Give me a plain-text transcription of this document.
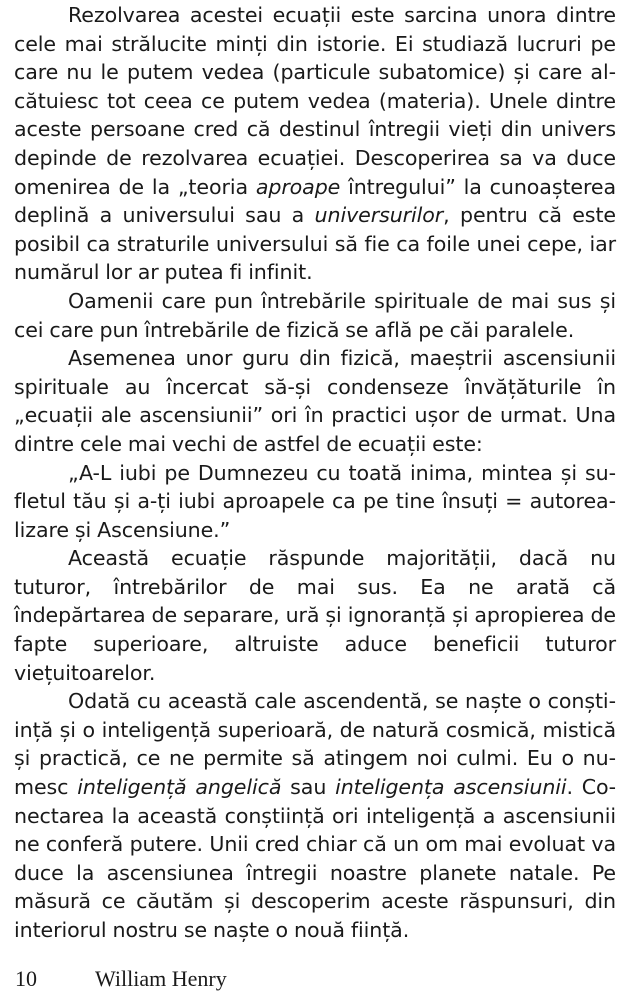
Rezolvarea acestei ecuații este sarcina unora dintre cele mai strălucite minți din istorie. Ei studiază lucruri pe care nu le putem vedea (particule subatomice) și care alcătuiesc tot ceea ce putem vedea (materia). Unele dintre aceste persoane cred că destinul întregii vieți din univers depinde de rezolvarea ecuației. Descoperirea sa va duce omenirea de la „teoria aproape întregului” la cunoașterea deplină a universului sau a universurilor, pentru că este posibil ca straturile universului să fie ca foile unei cepe, iar numărul lor ar putea fi infinit.

Oamenii care pun întrebările spirituale de mai sus și cei care pun întrebările de fizică se află pe căi paralele.

Asemenea unor guru din fizică, maeștrii ascensiunii spirituale au încercat să-și condenseze învățăturile în „ecuații ale ascensiunii” ori în practici ușor de urmat. Una dintre cele mai vechi de astfel de ecuații este:

„A-L iubi pe Dumnezeu cu toată inima, mintea și sufletul tău și a-ți iubi aproapele ca pe tine însuți = autorealizare și Ascensiune.”

Această ecuație răspunde majorității, dacă nu tuturor, întrebărilor de mai sus. Ea ne arată că îndepărtarea de separare, ură și ignoranță și apropierea de fapte superioare, altruiste aduce beneficii tuturor viețuitoarelor.

Odată cu această cale ascendentă, se naște o conștiință și o inteligență superioară, de natură cosmică, mistică și practică, ce ne permite să atingem noi culmi. Eu o numesc inteligență angelică sau inteligența ascensiunii. Conectarea la această conștiință ori inteligență a ascensiunii ne conferă putere. Unii cred chiar că un om mai evoluat va duce la ascensiunea întregii noastre planete natale. Pe măsură ce căutăm și descoperim aceste răspunsuri, din interiorul nostru se naște o nouă ființă.

10	William Henry
